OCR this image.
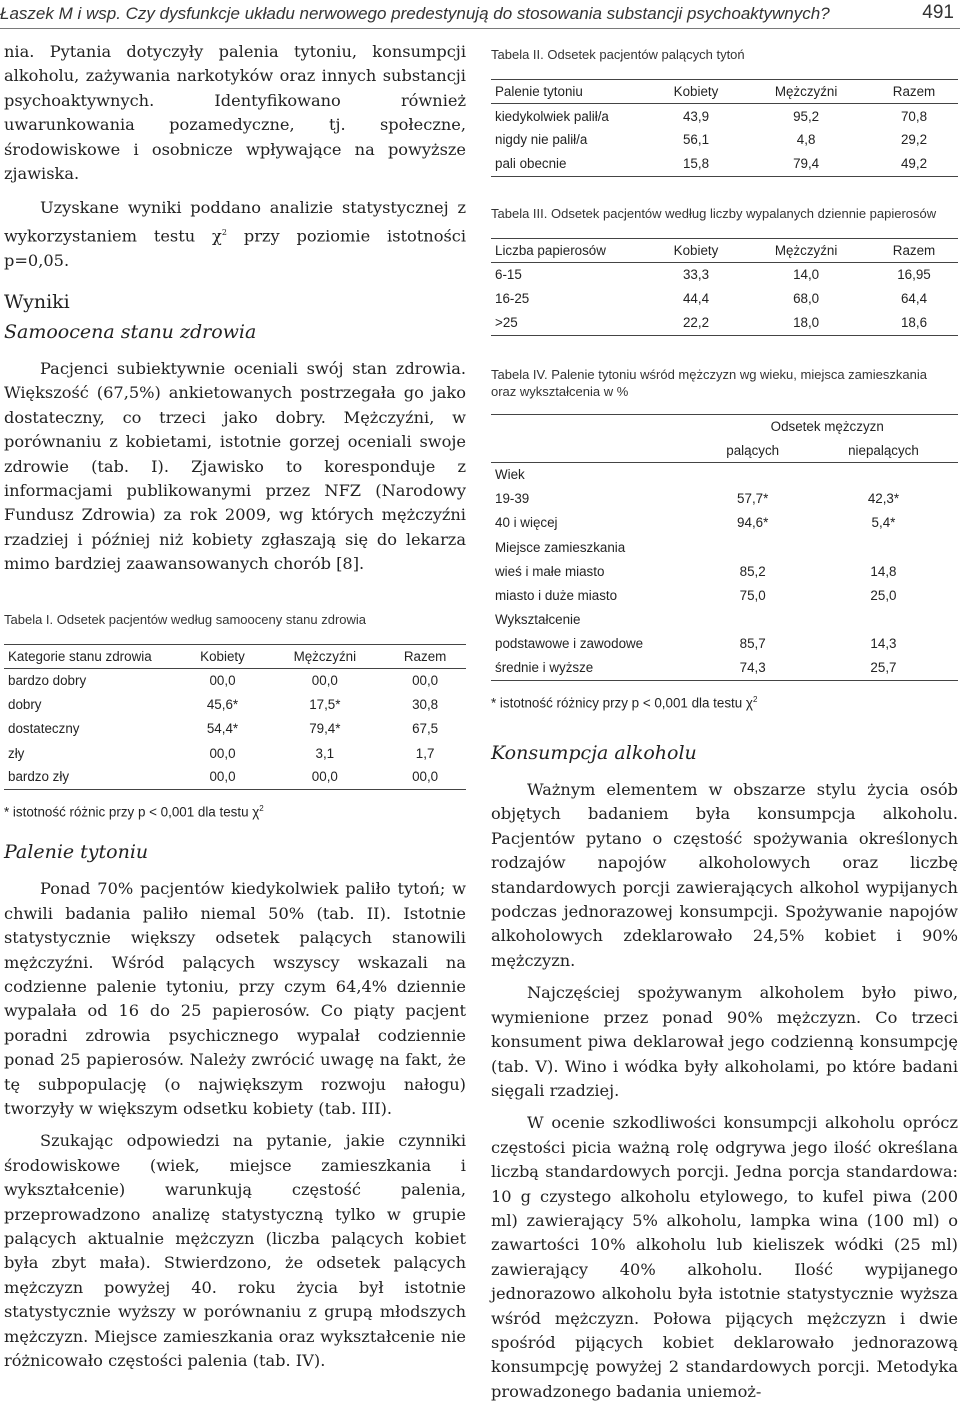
Łaszek M i wsp. Czy dysfunkcje układu nerwowego predestynują do stosowania substancji psychoaktywnych?	491

nia. Pytania dotyczyły palenia tytoniu, konsumpcji alkoholu, zażywania narkotyków oraz innych substancji psychoaktywnych. Identyfikowano również uwarunkowania pozamedyczne, tj. społeczne, środowiskowe i osobnicze wpływające na powyższe zjawiska.

Uzyskane wyniki poddano analizie statystycznej z wykorzystaniem testu $\chi^2$ przy poziomie istotności p=0,05.

Wyniki

Samoocena stanu zdrowia

Pacjenci subiektywnie oceniali swój stan zdrowia. Większość (67,5%) ankietowanych postrzegała go jako dostateczny, co trzeci jako dobry. Mężczyźni, w porównaniu z kobietami, istotnie gorzej oceniali swoje zdrowie (tab. I). Zjawisko to koresponduje z informacjami publikowanymi przez NFZ (Narodowy Fundusz Zdrowia) za rok 2009, wg których mężczyźni rzadziej i później niż kobiety zgłaszają się do lekarza mimo bardziej zaawansowanych chorób [8].

Tabela I. Odsetek pacjentów według samooceny stanu zdrowia

Kategorie stanu zdrowia	Kobiety	Mężczyźni	Razem
bardzo dobry	00,0	00,0	00,0
dobry	45,6*	17,5*	30,8
dostateczny	54,4*	79,4*	67,5
zły	00,0	3,1	1,7
bardzo zły	00,0	00,0	00,0

* istotność różnic przy p < 0,001 dla testu $\chi^2$

Palenie tytoniu

Ponad 70% pacjentów kiedykolwiek paliło tytoń; w chwili badania paliło niemal 50% (tab. II). Istotnie statystycznie większy odsetek palących stanowili mężczyźni. Wśród palących wszyscy wskazali na codzienne palenie tytoniu, przy czym 64,4% dziennie wypalała od 16 do 25 papierosów. Co piąty pacjent poradni zdrowia psychicznego wypalał codziennie ponad 25 papierosów. Należy zwrócić uwagę na fakt, że tę subpopulację (o największym rozwoju nałogu) tworzyły w większym odsetku kobiety (tab. III).

Szukając odpowiedzi na pytanie, jakie czynniki środowiskowe (wiek, miejsce zamieszkania i wykształcenie) warunkują częstość palenia, przeprowadzono analizę statystyczną tylko w grupie palących aktualnie mężczyzn (liczba palących kobiet była zbyt mała). Stwierdzono, że odsetek palących mężczyzn powyżej 40. roku życia był istotnie statystycznie wyższy w porównaniu z grupą młodszych mężczyzn. Miejsce zamieszkania oraz wykształcenie nie różnicowało częstości palenia (tab. IV).

Tabela II. Odsetek pacjentów palących tytoń

Palenie tytoniu	Kobiety	Mężczyźni	Razem
kiedykolwiek palił/a	43,9	95,2	70,8
nigdy nie palił/a	56,1	4,8	29,2
pali obecnie	15,8	79,4	49,2

Tabela III. Odsetek pacjentów według liczby wypalanych dziennie papierosów

Liczba papierosów	Kobiety	Mężczyźni	Razem
6-15	33,3	14,0	16,95
16-25	44,4	68,0	64,4
>25	22,2	18,0	18,6

Tabela IV. Palenie tytoniu wśród mężczyzn wg wieku, miejsca zamieszkania oraz wykształcenia w %

	Odsetek mężczyzn	
	palących	niepalących
Wiek		
19-39	57,7*	42,3*
40 i więcej	94,6*	5,4*
Miejsce zamieszkania		
wieś i małe miasto	85,2	14,8
miasto i duże miasto	75,0	25,0
Wykształcenie		
podstawowe i zawodowe	85,7	14,3
średnie i wyższe	74,3	25,7

* istotność różnicy przy p < 0,001 dla testu $\chi^2$

Konsumpcja alkoholu

Ważnym elementem w obszarze stylu życia osób objętych badaniem była konsumpcja alkoholu. Pacjentów pytano o częstość spożywania określonych rodzajów napojów alkoholowych oraz liczbę standardowych porcji zawierających alkohol wypijanych podczas jednorazowej konsumpcji. Spożywanie napojów alkoholowych zdeklarowało 24,5% kobiet i 90% mężczyzn.

Najczęściej spożywanym alkoholem było piwo, wymienione przez ponad 90% mężczyzn. Co trzeci konsument piwa deklarował jego codzienną konsumpcję (tab. V). Wino i wódka były alkoholami, po które badani sięgali rzadziej.

W ocenie szkodliwości konsumpcji alkoholu oprócz częstości picia ważną rolę odgrywa jego ilość określana liczbą standardowych porcji. Jedna porcja standardowa: 10 g czystego alkoholu etylowego, to kufel piwa (200 ml) zawierający 5% alkoholu, lampka wina (100 ml) o zawartości 10% alkoholu lub kieliszek wódki (25 ml) zawierający 40% alkoholu. Ilość wypijanego jednorazowo alkoholu była istotnie statystycznie wyższa wśród mężczyzn. Połowa pijących mężczyzn i dwie spośród pijących kobiet deklarowało jednorazową konsumpcję powyżej 2 standardowych porcji. Metodyka prowadzonego badania uniemoż-
